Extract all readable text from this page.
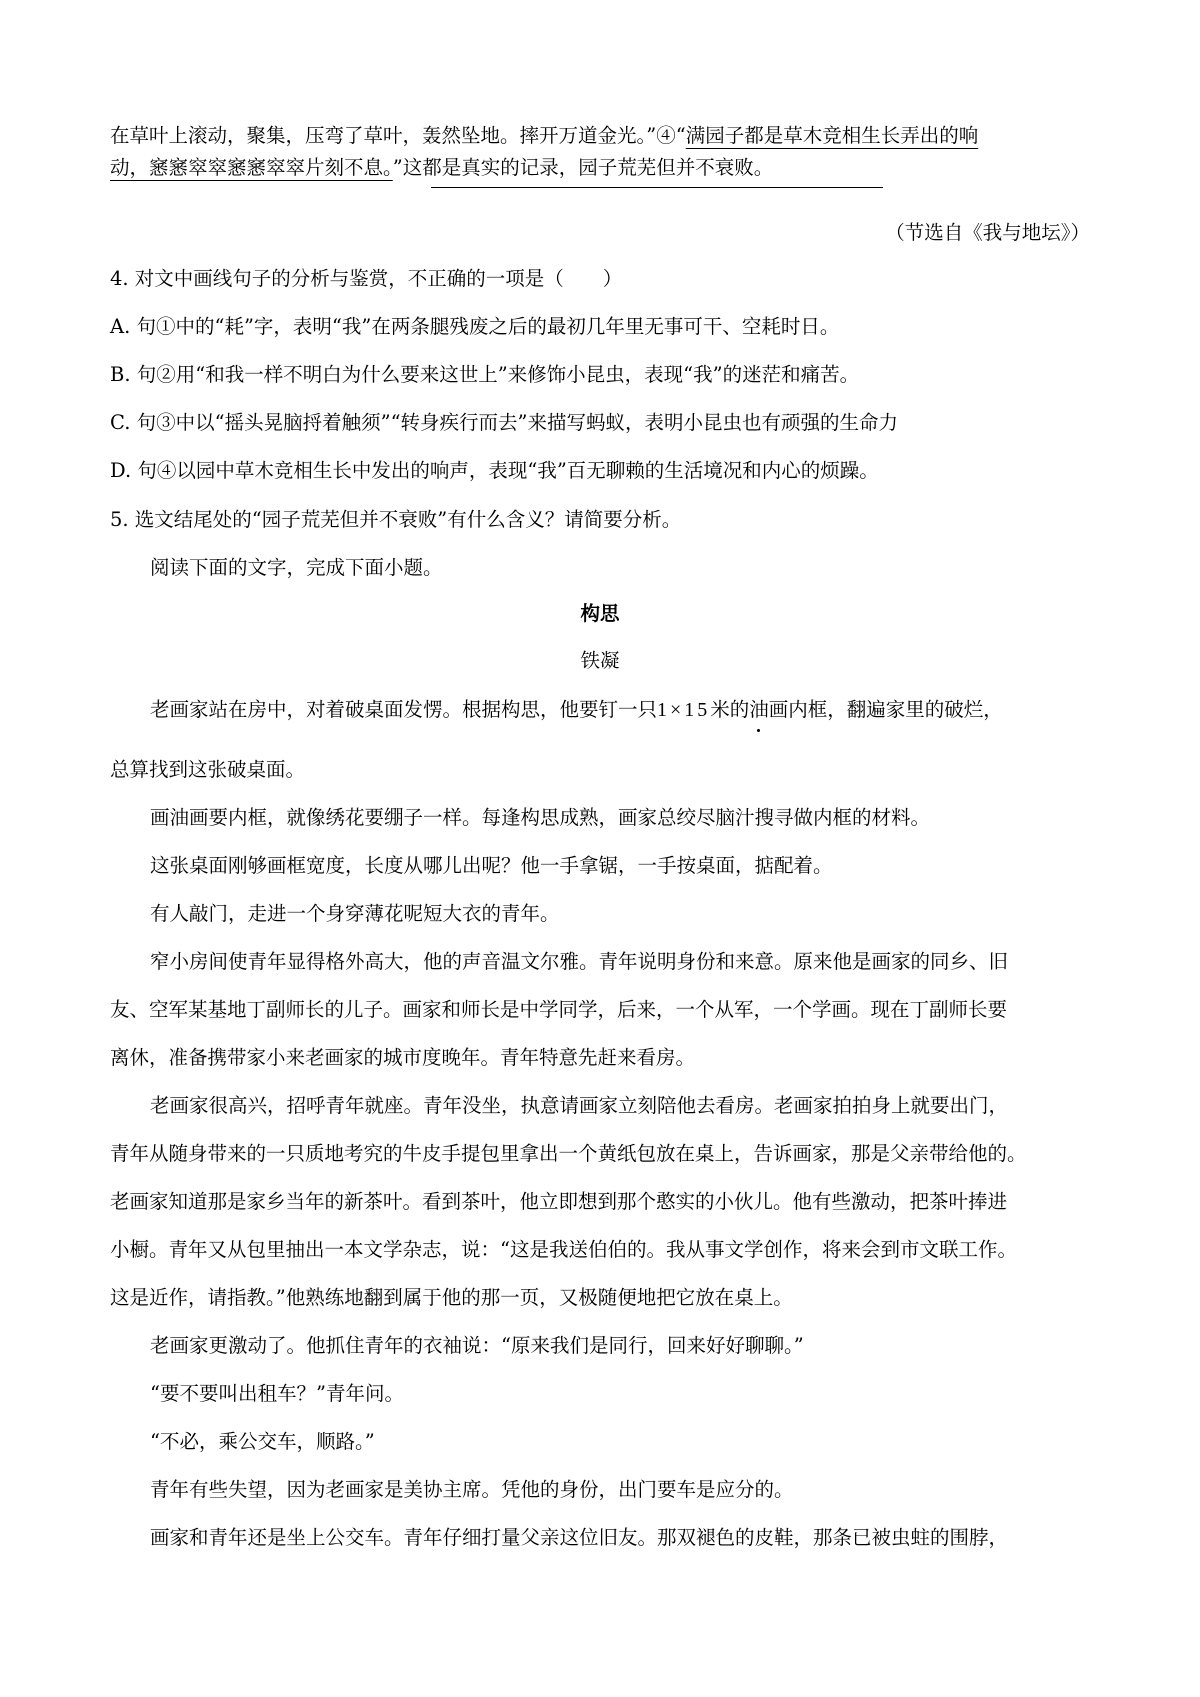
在草叶上滚动，聚集，压弯了草叶，轰然坠地。摔开万道金光。”④“满园子都是草木竞相生长弄出的响
动，窸窸窣窣窸窸窣窣片刻不息。”这都是真实的记录，园子荒芜但并不衰败。
（节选自《我与地坛》）
4. 对文中画线句子的分析与鉴赏，不正确的一项是（　　）
A. 句①中的“耗”字，表明“我”在两条腿残废之后的最初几年里无事可干、空耗时日。
B. 句②用“和我一样不明白为什么要来这世上”来修饰小昆虫，表现“我”的迷茫和痛苦。
C. 句③中以“摇头晃脑捋着触须”“转身疾行而去”来描写蚂蚁，表明小昆虫也有顽强的生命力
D. 句④以园中草木竞相生长中发出的响声，表现“我”百无聊赖的生活境况和内心的烦躁。
5. 选文结尾处的“园子荒芜但并不衰败”有什么含义？请简要分析。
阅读下面的文字，完成下面小题。
构思
铁凝
老画家站在房中，对着破桌面发愣。根据构思，他要钉一只1×15米的油画内框，翻遍家里的破烂，
总算找到这张破桌面。
画油画要内框，就像绣花要绷子一样。每逢构思成熟，画家总绞尽脑汁搜寻做内框的材料。
这张桌面刚够画框宽度，长度从哪儿出呢？他一手拿锯，一手按桌面，掂配着。
有人敲门，走进一个身穿薄花呢短大衣的青年。
窄小房间使青年显得格外高大，他的声音温文尔雅。青年说明身份和来意。原来他是画家的同乡、旧
友、空军某基地丁副师长的儿子。画家和师长是中学同学，后来，一个从军，一个学画。现在丁副师长要
离休，准备携带家小来老画家的城市度晚年。青年特意先赶来看房。
老画家很高兴，招呼青年就座。青年没坐，执意请画家立刻陪他去看房。老画家拍拍身上就要出门，
青年从随身带来的一只质地考究的牛皮手提包里拿出一个黄纸包放在桌上，告诉画家，那是父亲带给他的。
老画家知道那是家乡当年的新茶叶。看到茶叶，他立即想到那个憨实的小伙儿。他有些激动，把茶叶捧进
小橱。青年又从包里抽出一本文学杂志，说：“这是我送伯伯的。我从事文学创作，将来会到市文联工作。
这是近作，请指教。”他熟练地翻到属于他的那一页，又极随便地把它放在桌上。
老画家更激动了。他抓住青年的衣袖说：“原来我们是同行，回来好好聊聊。”
“要不要叫出租车？”青年问。
“不必，乘公交车，顺路。”
青年有些失望，因为老画家是美协主席。凭他的身份，出门要车是应分的。
画家和青年还是坐上公交车。青年仔细打量父亲这位旧友。那双褪色的皮鞋，那条已被虫蛀的围脖，
